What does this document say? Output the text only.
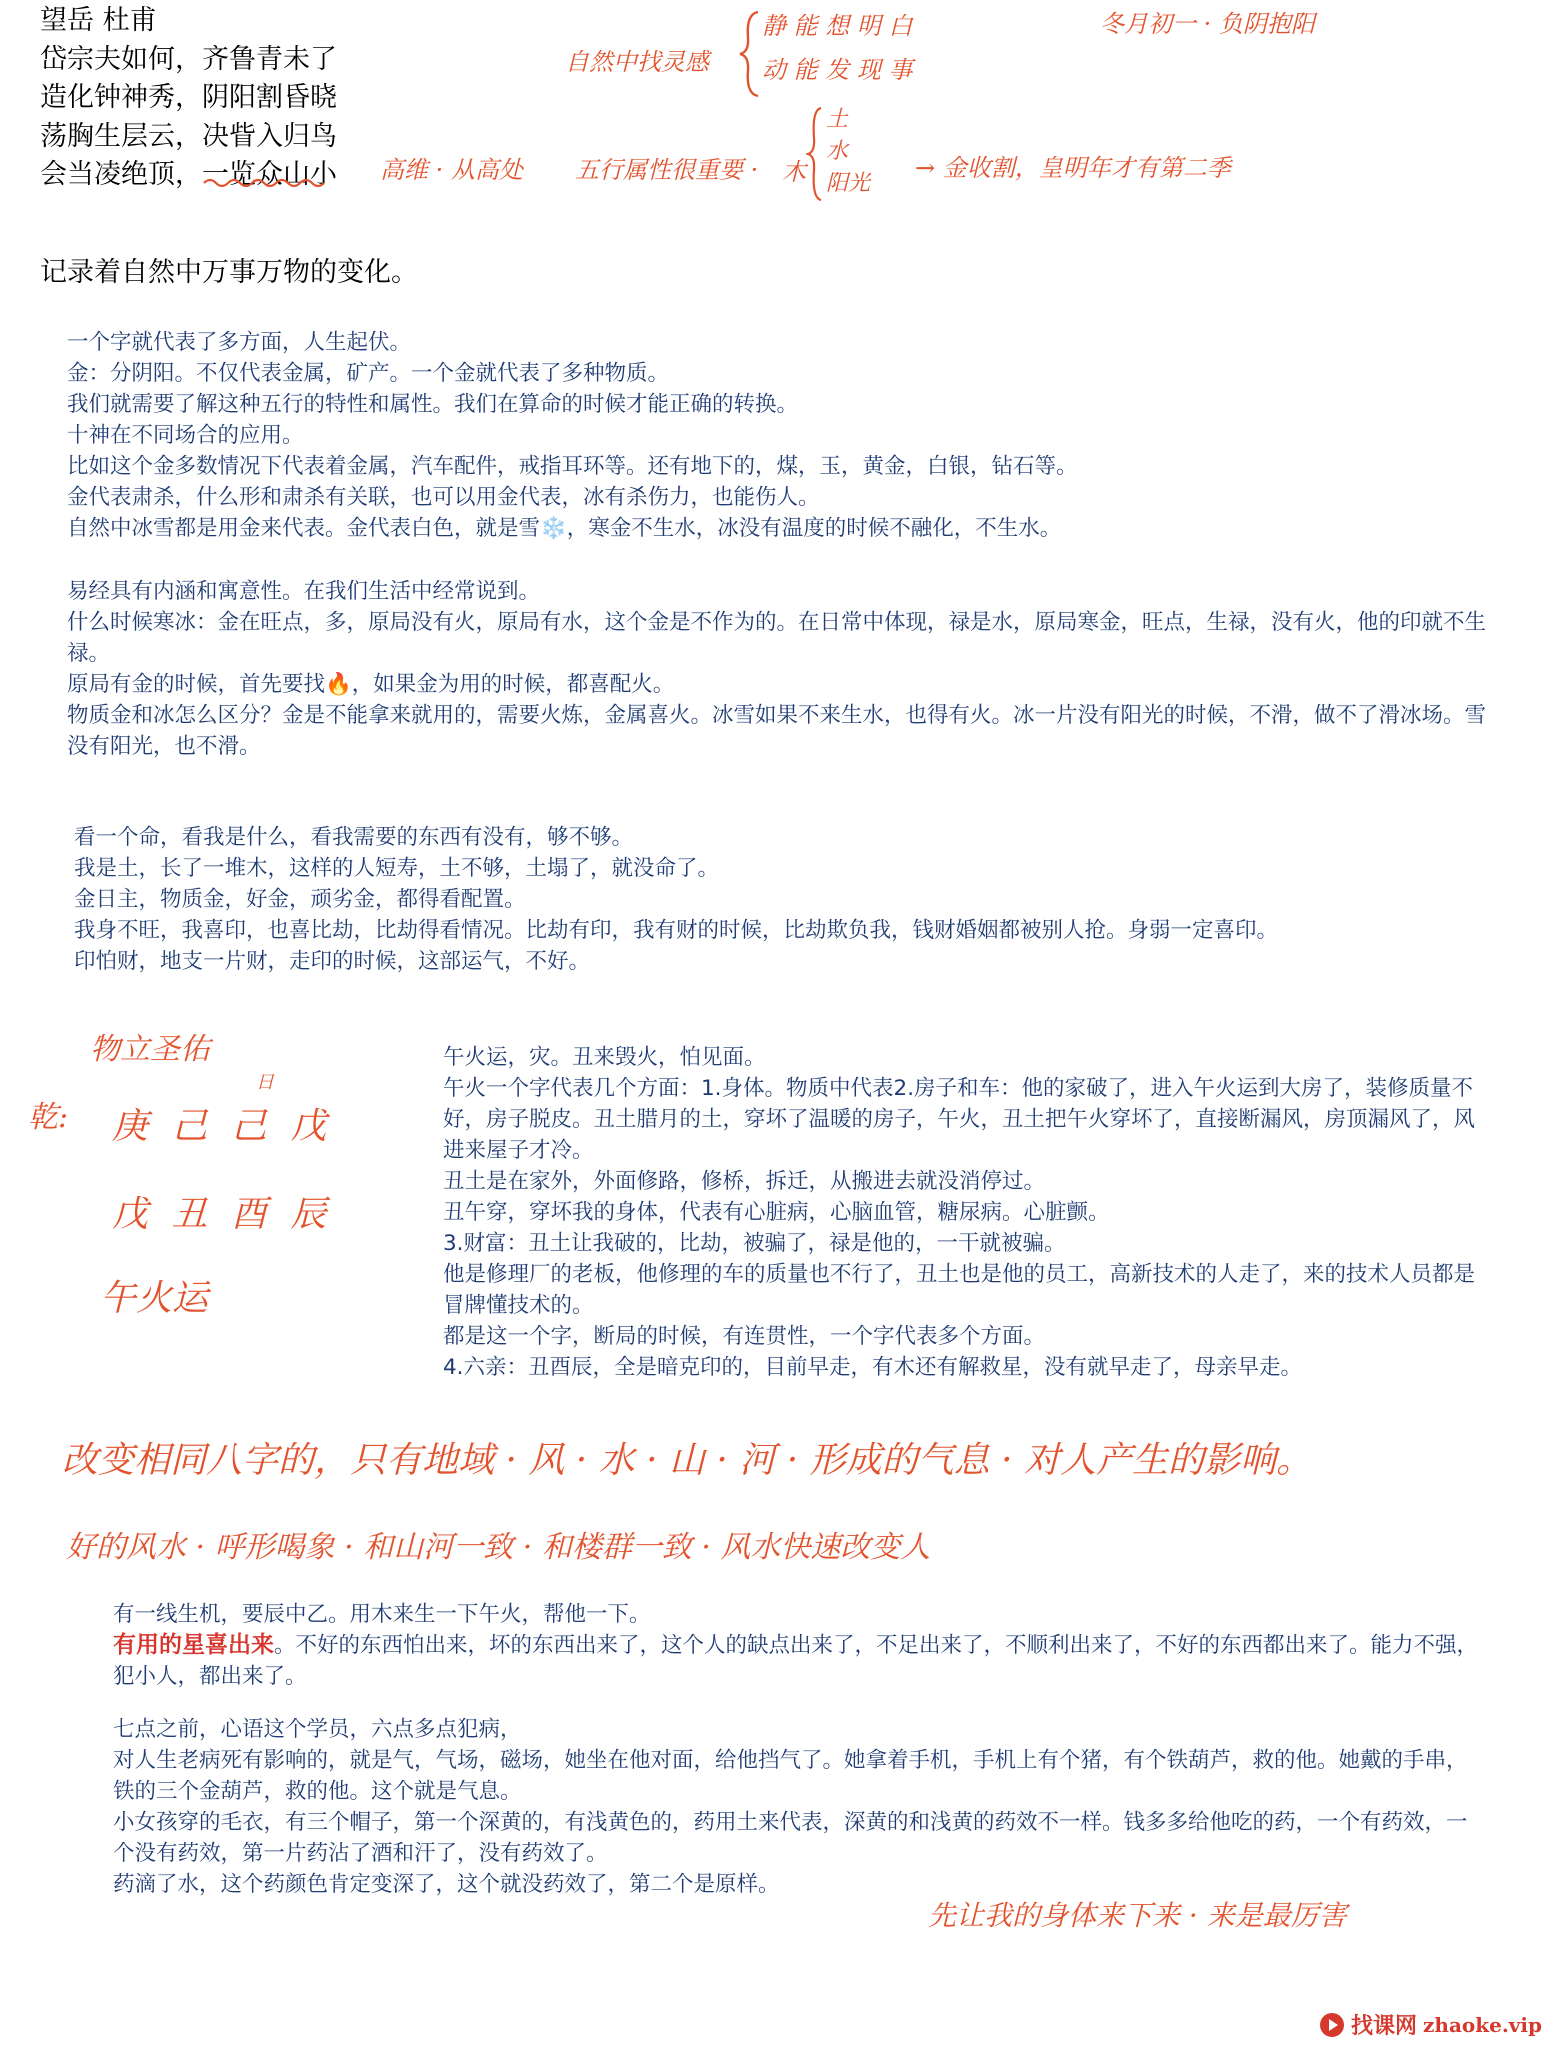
望岳 杜甫
岱宗夫如何，齐鲁青未了
造化钟神秀，阴阳割昏晓
荡胸生层云，决眥入归鸟
会当凌绝顶，一览众山小
自然中找灵感
静 能 想 明 白
动 能 发 现 事
冬月初一 · 负阴抱阳
高维 · 从高处 五行属性很重要 · 木
土
水
阳光
→ 金收割，皇明年才有第二季
记录着自然中万事万物的变化。

一个字就代表了多方面，人生起伏。

金：分阴阳。不仅代表金属，矿产。一个金就代表了多种物质。

我们就需要了解这种五行的特性和属性。我们在算命的时候才能正确的转换。

十神在不同场合的应用。

比如这个金多数情况下代表着金属，汽车配件，戒指耳环等。还有地下的，煤，玉，黄金，白银，钻石等。

金代表肃杀，什么形和肃杀有关联，也可以用金代表，冰有杀伤力，也能伤人。

自然中冰雪都是用金来代表。金代表白色，就是雪❄️，寒金不生水，冰没有温度的时候不融化，不生水。

易经具有内涵和寓意性。在我们生活中经常说到。

什么时候寒冰：金在旺点，多，原局没有火，原局有水，这个金是不作为的。在日常中体现，禄是水，原局寒金，旺点，生禄，没有火，他的印就不生禄。

原局有金的时候，首先要找🔥，如果金为用的时候，都喜配火。

物质金和冰怎么区分？金是不能拿来就用的，需要火炼，金属喜火。冰雪如果不来生水，也得有火。冰一片没有阳光的时候，不滑，做不了滑冰场。雪没有阳光，也不滑。

看一个命，看我是什么，看我需要的东西有没有，够不够。

我是土，长了一堆木，这样的人短寿，土不够，土塌了，就没命了。

金日主，物质金，好金，顽劣金，都得看配置。

我身不旺，我喜印，也喜比劫，比劫得看情况。比劫有印，我有财的时候，比劫欺负我，钱财婚姻都被别人抢。身弱一定喜印。

印怕财，地支一片财，走印的时候，这部运气，不好。

物立圣佑
乾:
日
庚 己 己 戊
戊 丑 酉 辰
午火运

午火运，灾。丑来毁火，怕见面。

午火一个字代表几个方面：1.身体。物质中代表2.房子和车：他的家破了，进入午火运到大房了，装修质量不好，房子脱皮。丑土腊月的土，穿坏了温暖的房子，午火，丑土把午火穿坏了，直接断漏风，房顶漏风了，风进来屋子才冷。

丑土是在家外，外面修路，修桥，拆迁，从搬进去就没消停过。

丑午穿，穿坏我的身体，代表有心脏病，心脑血管，糖尿病。心脏颤。

3.财富：丑土让我破的，比劫，被骗了，禄是他的，一干就被骗。

他是修理厂的老板，他修理的车的质量也不行了，丑土也是他的员工，高新技术的人走了，来的技术人员都是冒牌懂技术的。

都是这一个字，断局的时候，有连贯性，一个字代表多个方面。

4.六亲：丑酉辰，全是暗克印的，目前早走，有木还有解救星，没有就早走了，母亲早走。

改变相同八字的，只有地域 · 风 · 水 · 山 · 河 · 形成的气息 · 对人产生的影响。
好的风水 · 呼形喝象 · 和山河一致 · 和楼群一致 · 风水快速改变人

有一线生机，要辰中乙。用木来生一下午火，帮他一下。

有用的星喜出来。不好的东西怕出来，坏的东西出来了，这个人的缺点出来了，不足出来了，不顺利出来了，不好的东西都出来了。能力不强，犯小人，都出来了。

七点之前，心语这个学员，六点多点犯病，

对人生老病死有影响的，就是气，气场，磁场，她坐在他对面，给他挡气了。她拿着手机，手机上有个猪，有个铁葫芦，救的他。她戴的手串，铁的三个金葫芦，救的他。这个就是气息。

小女孩穿的毛衣，有三个帽子，第一个深黄的，有浅黄色的，药用土来代表，深黄的和浅黄的药效不一样。钱多多给他吃的药，一个有药效，一个没有药效，第一片药沾了酒和汗了，没有药效了。

药滴了水，这个药颜色肯定变深了，这个就没药效了，第二个是原样。

先让我的身体来下来 · 来是最厉害
找课网 zhaoke.vip
